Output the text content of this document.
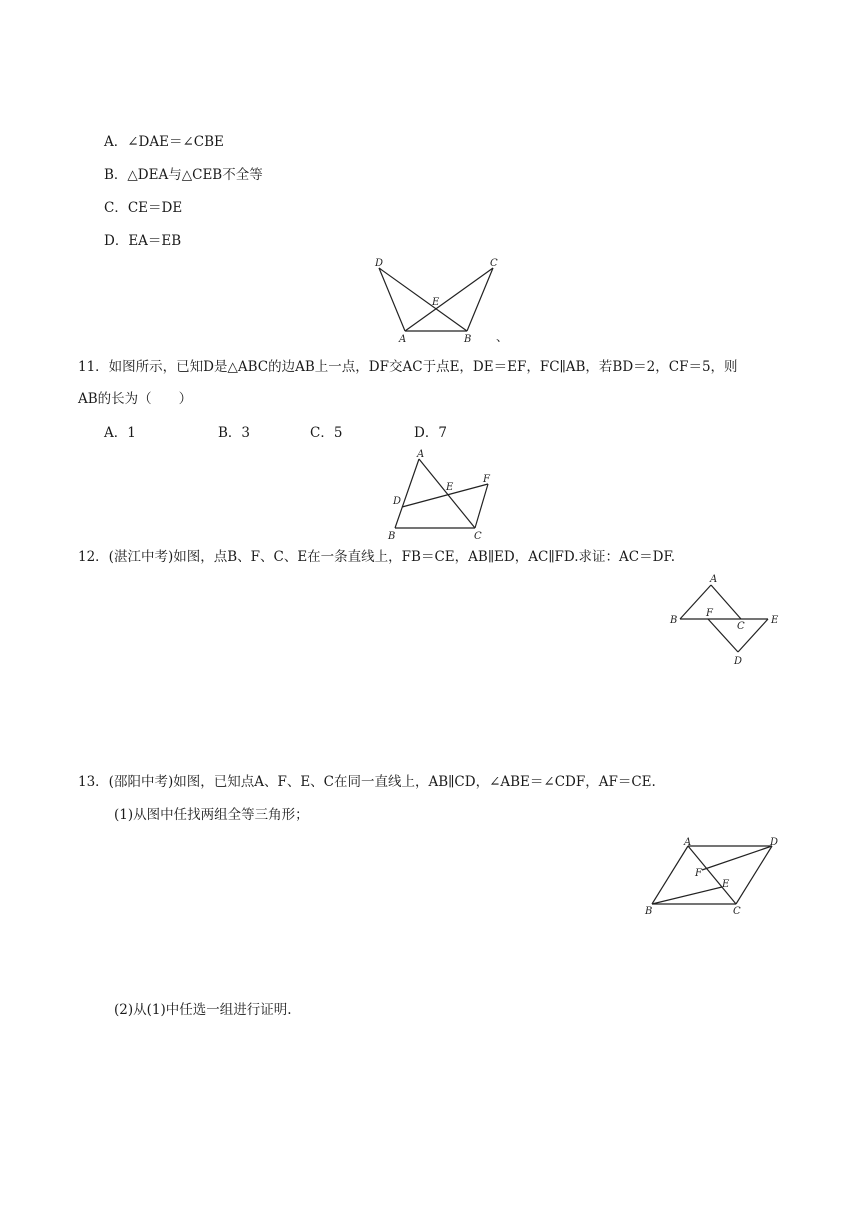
A．∠DAE＝∠CBE
B．△DEA与△CEB不全等
C．CE＝DE
D．EA＝EB
D	C
E
A	B 、
11．如图所示，已知D是△ABC的边AB上一点，DF交AC于点E，DE＝EF，FC∥AB，若BD＝2，CF＝5，则
AB的长为（　　）
A．1	B．3	C．5	D．7
A
E
F
D
B	C
12．(湛江中考)如图，点B、F、C、E在一条直线上，FB＝CE，AB∥ED，AC∥FD.求证：AC＝DF.
A
B
F
C
E
D
13．(邵阳中考)如图，已知点A、F、E、C在同一直线上，AB∥CD，∠ABE＝∠CDF，AF＝CE.
(1)从图中任找两组全等三角形；
A	D
F
E
B	C
(2)从(1)中任选一组进行证明.
